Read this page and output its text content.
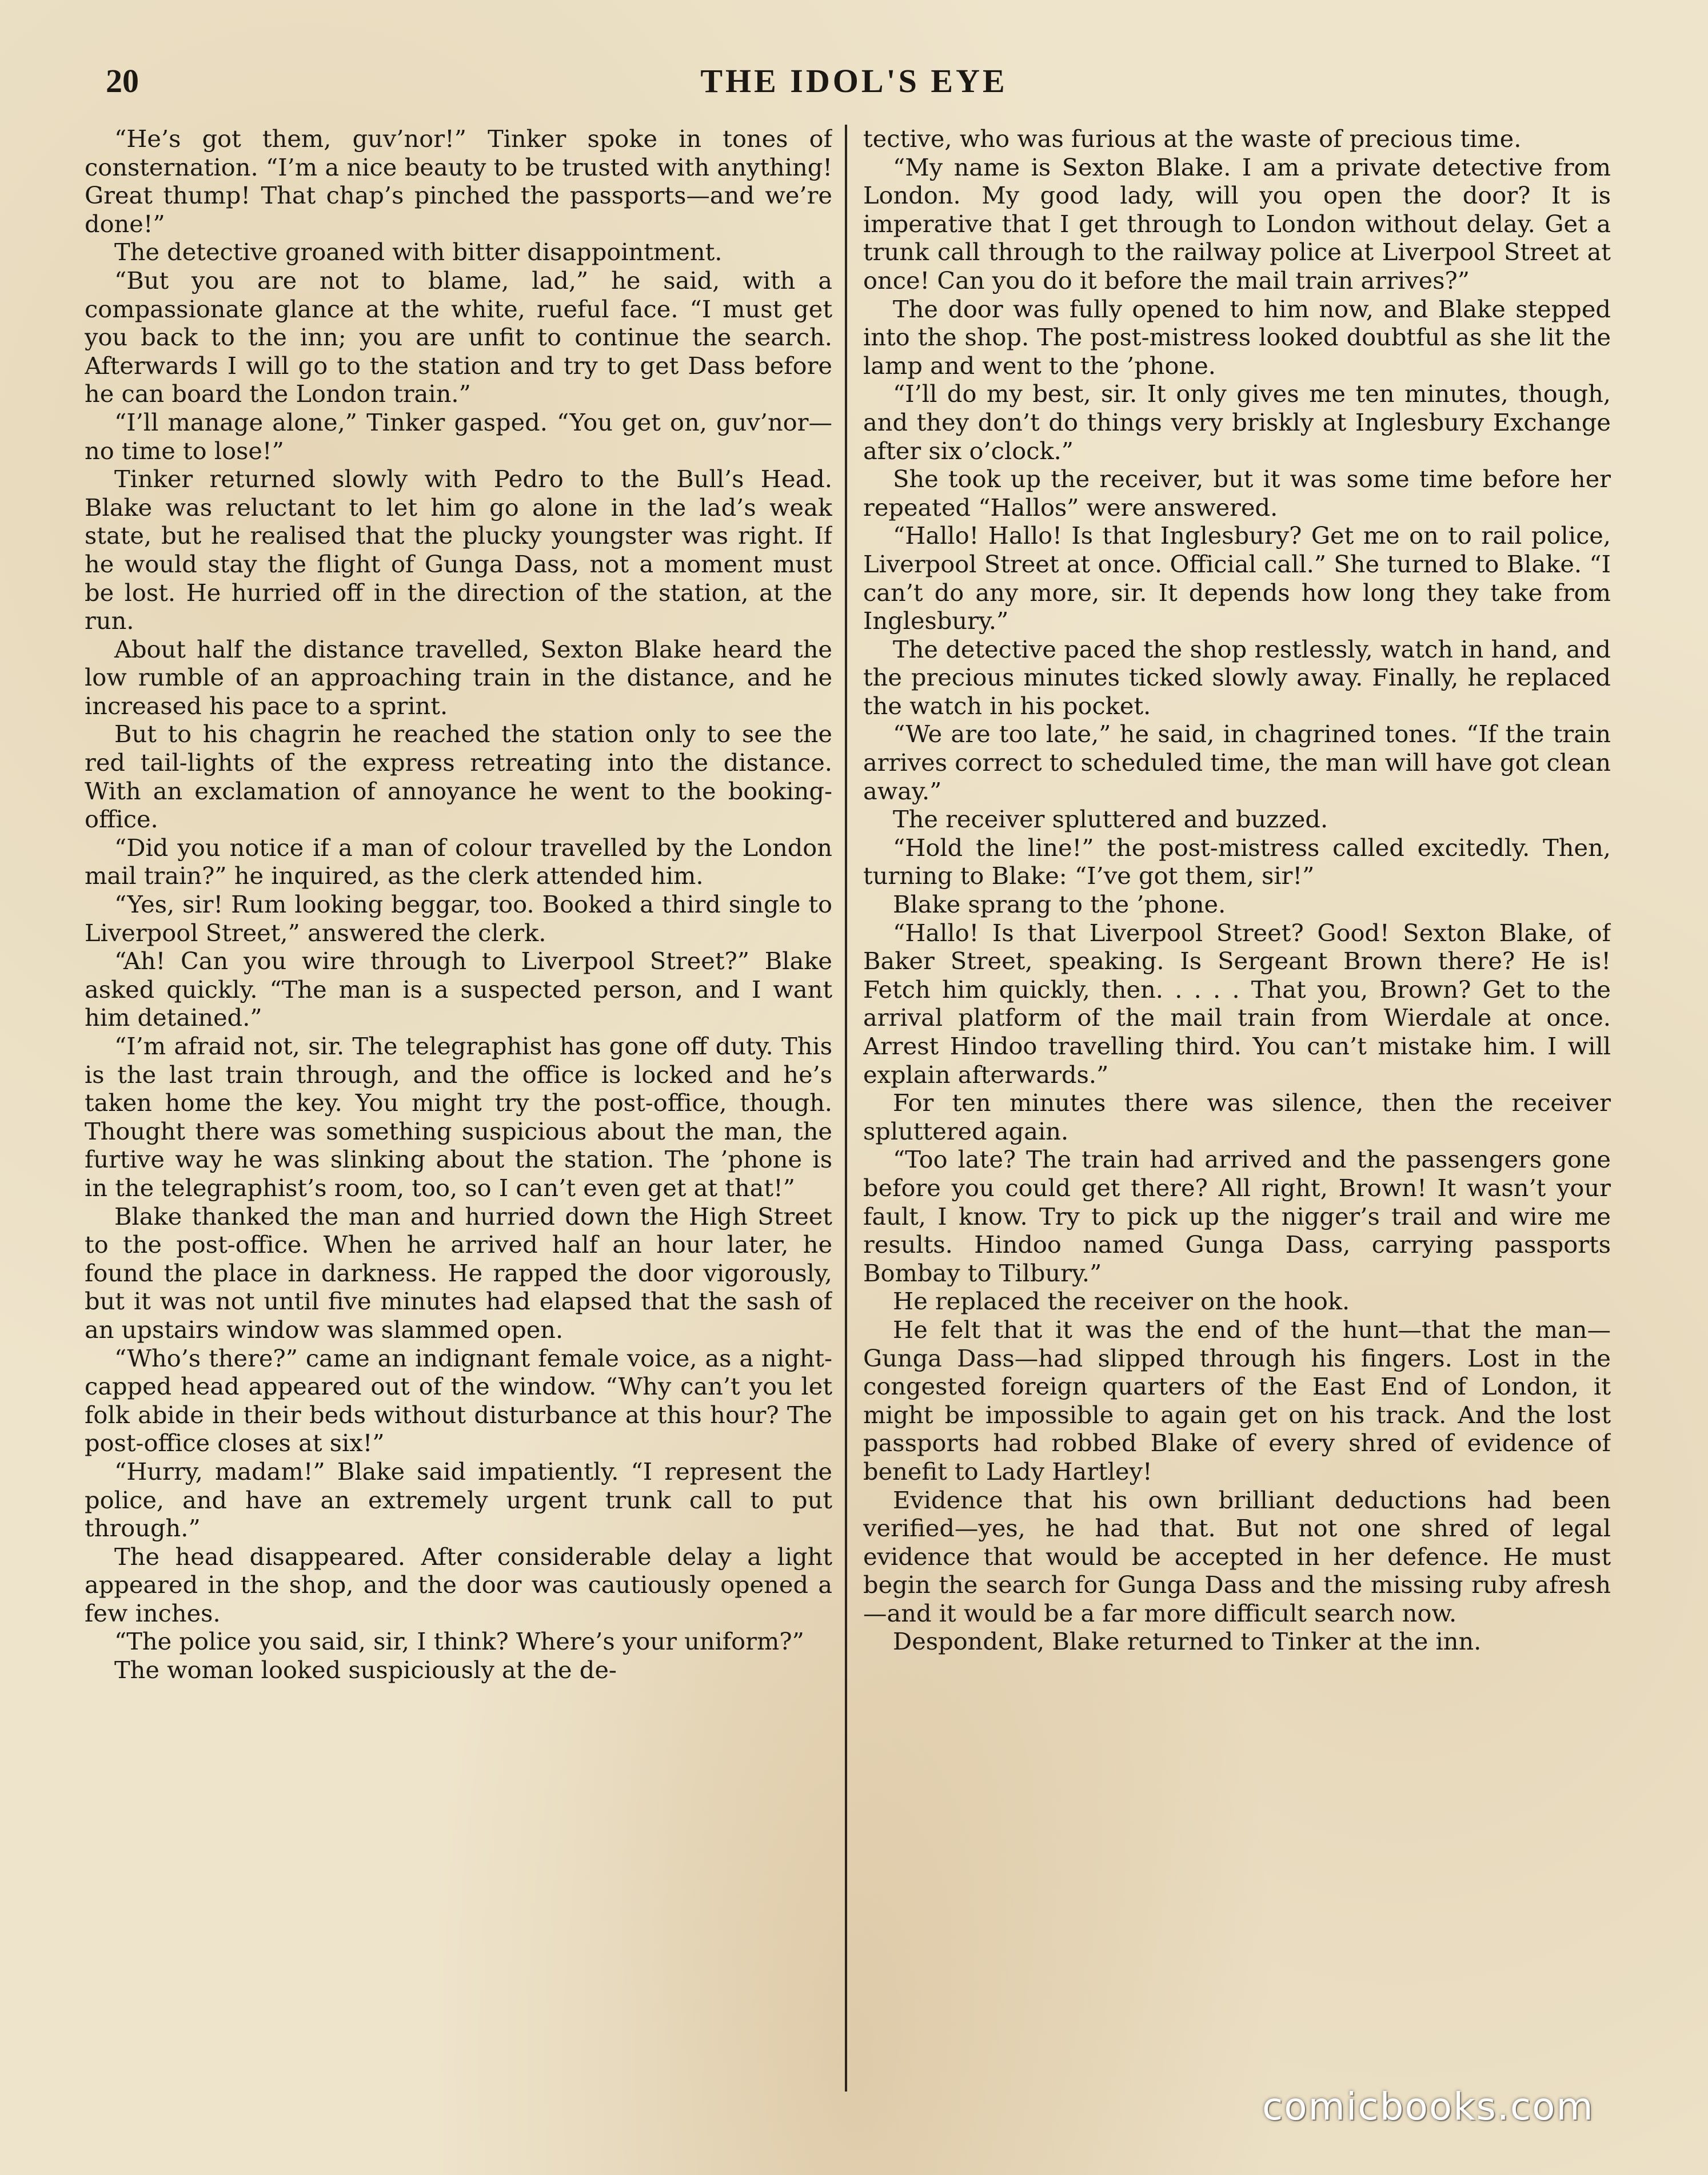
20	THE IDOL'S EYE

“He’s got them, guv’nor!” Tinker spoke in tones of consternation. “I’m a nice beauty to be trusted with anything! Great thump! That chap’s pinched the passports—and we’re done!”

The detective groaned with bitter disappointment.

“But you are not to blame, lad,” he said, with a compassionate glance at the white, rueful face. “I must get you back to the inn; you are unfit to continue the search. Afterwards I will go to the station and try to get Dass before he can board the London train.”

“I’ll manage alone,” Tinker gasped. “You get on, guv’nor—no time to lose!”

Tinker returned slowly with Pedro to the Bull’s Head. Blake was reluctant to let him go alone in the lad’s weak state, but he realised that the plucky youngster was right. If he would stay the flight of Gunga Dass, not a moment must be lost. He hurried off in the direction of the station, at the run.

About half the distance travelled, Sexton Blake heard the low rumble of an approaching train in the distance, and he increased his pace to a sprint.

But to his chagrin he reached the station only to see the red tail-lights of the express retreating into the distance. With an exclamation of annoyance he went to the booking-office.

“Did you notice if a man of colour travelled by the London mail train?” he inquired, as the clerk attended him.

“Yes, sir! Rum looking beggar, too. Booked a third single to Liverpool Street,” answered the clerk.

“Ah! Can you wire through to Liverpool Street?” Blake asked quickly. “The man is a suspected person, and I want him detained.”

“I’m afraid not, sir. The telegraphist has gone off duty. This is the last train through, and the office is locked and he’s taken home the key. You might try the post-office, though. Thought there was something suspicious about the man, the furtive way he was slinking about the station. The ’phone is in the telegraphist’s room, too, so I can’t even get at that!”

Blake thanked the man and hurried down the High Street to the post-office. When he arrived half an hour later, he found the place in darkness. He rapped the door vigorously, but it was not until five minutes had elapsed that the sash of an upstairs window was slammed open.

“Who’s there?” came an indignant female voice, as a night-capped head appeared out of the window. “Why can’t you let folk abide in their beds without disturbance at this hour? The post-office closes at six!”

“Hurry, madam!” Blake said impatiently. “I represent the police, and have an extremely urgent trunk call to put through.”

The head disappeared. After considerable delay a light appeared in the shop, and the door was cautiously opened a few inches.

“The police you said, sir, I think? Where’s your uniform?”

The woman looked suspiciously at the de-

tective, who was furious at the waste of precious time.

“My name is Sexton Blake. I am a private detective from London. My good lady, will you open the door? It is imperative that I get through to London without delay. Get a trunk call through to the railway police at Liverpool Street at once! Can you do it before the mail train arrives?”

The door was fully opened to him now, and Blake stepped into the shop. The post-mistress looked doubtful as she lit the lamp and went to the ’phone.

“I’ll do my best, sir. It only gives me ten minutes, though, and they don’t do things very briskly at Inglesbury Exchange after six o’clock.”

She took up the receiver, but it was some time before her repeated “Hallos” were answered.

“Hallo! Hallo! Is that Inglesbury? Get me on to rail police, Liverpool Street at once. Official call.” She turned to Blake. “I can’t do any more, sir. It depends how long they take from Inglesbury.”

The detective paced the shop restlessly, watch in hand, and the precious minutes ticked slowly away. Finally, he replaced the watch in his pocket.

“We are too late,” he said, in chagrined tones. “If the train arrives correct to scheduled time, the man will have got clean away.”

The receiver spluttered and buzzed.

“Hold the line!” the post-mistress called excitedly. Then, turning to Blake: “I’ve got them, sir!”

Blake sprang to the ’phone.

“Hallo! Is that Liverpool Street? Good! Sexton Blake, of Baker Street, speaking. Is Sergeant Brown there? He is! Fetch him quickly, then. . . . . That you, Brown? Get to the arrival platform of the mail train from Wierdale at once. Arrest Hindoo travelling third. You can’t mistake him. I will explain afterwards.”

For ten minutes there was silence, then the receiver spluttered again.

“Too late? The train had arrived and the passengers gone before you could get there? All right, Brown! It wasn’t your fault, I know. Try to pick up the nigger’s trail and wire me results. Hindoo named Gunga Dass, carrying passports Bombay to Tilbury.”

He replaced the receiver on the hook.

He felt that it was the end of the hunt—that the man—Gunga Dass—had slipped through his fingers. Lost in the congested foreign quarters of the East End of London, it might be impossible to again get on his track. And the lost passports had robbed Blake of every shred of evidence of benefit to Lady Hartley!

Evidence that his own brilliant deductions had been verified—yes, he had that. But not one shred of legal evidence that would be accepted in her defence. He must begin the search for Gunga Dass and the missing ruby afresh—and it would be a far more difficult search now.

Despondent, Blake returned to Tinker at the inn.

comicbooks.com
